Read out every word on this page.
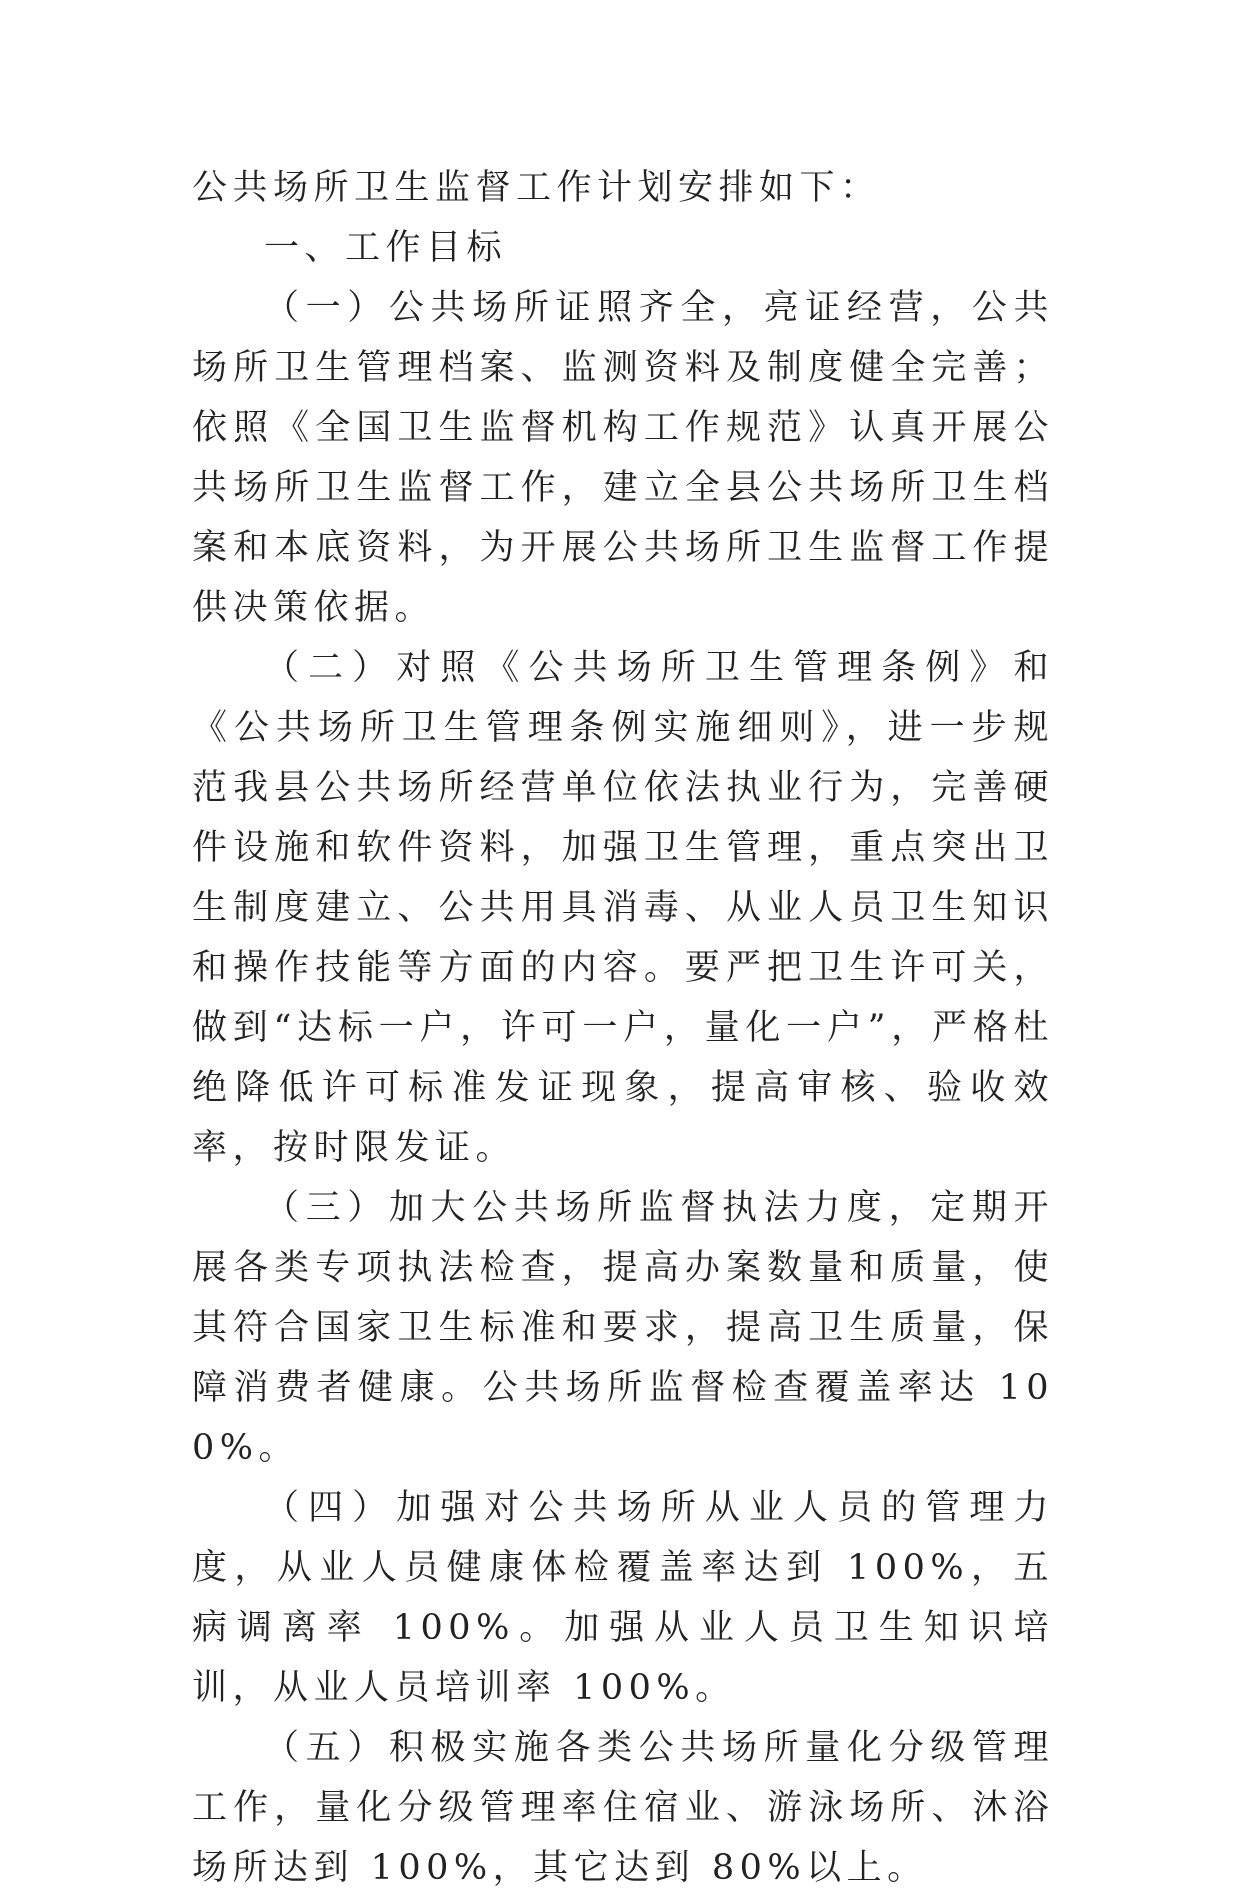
公共场所卫生监督工作计划安排如下：

一、工作目标

（一）公共场所证照齐全，亮证经营，公共场所卫生管理档案、监测资料及制度健全完善；依照《全国卫生监督机构工作规范》认真开展公共场所卫生监督工作，建立全县公共场所卫生档案和本底资料，为开展公共场所卫生监督工作提供决策依据。

（二）对照《公共场所卫生管理条例》和《公共场所卫生管理条例实施细则》，进一步规范我县公共场所经营单位依法执业行为，完善硬件设施和软件资料，加强卫生管理，重点突出卫生制度建立、公共用具消毒、从业人员卫生知识和操作技能等方面的内容。要严把卫生许可关，做到“达标一户，许可一户，量化一户”，严格杜绝降低许可标准发证现象，提高审核、验收效率，按时限发证。

（三）加大公共场所监督执法力度，定期开展各类专项执法检查，提高办案数量和质量，使其符合国家卫生标准和要求，提高卫生质量，保障消费者健康。公共场所监督检查覆盖率达 100%。

（四）加强对公共场所从业人员的管理力度，从业人员健康体检覆盖率达到 100%，五病调离率 100%。加强从业人员卫生知识培训，从业人员培训率 100%。

（五）积极实施各类公共场所量化分级管理工作，量化分级管理率住宿业、游泳场所、沐浴场所达到 100%，其它达到 80%以上。
